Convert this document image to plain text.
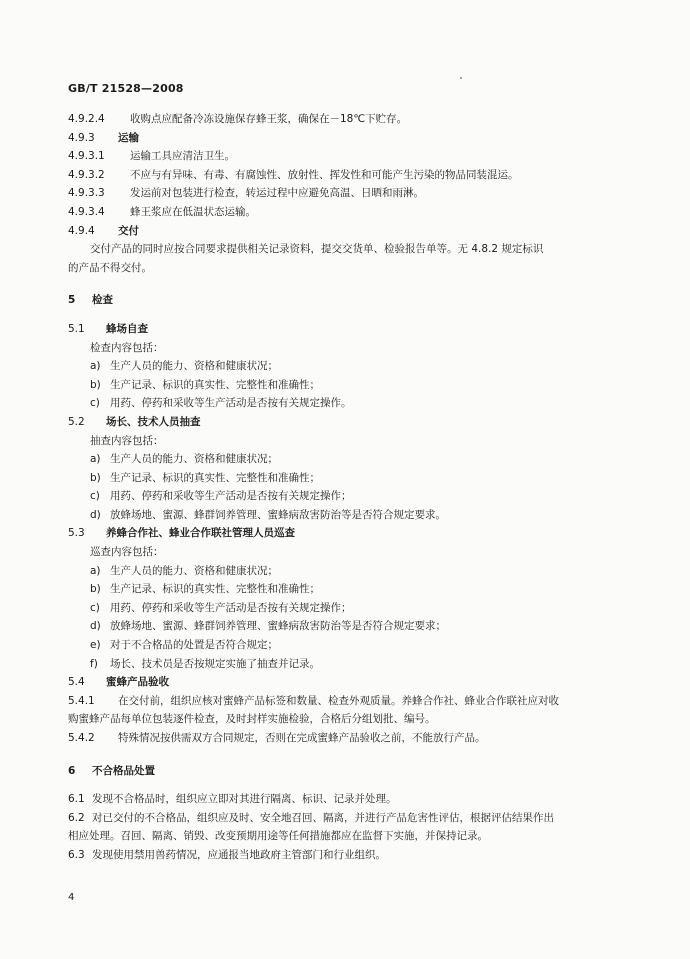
GB/T 21528—2008
4.9.2.4 收购点应配备冷冻设施保存蜂王浆，确保在－18℃下贮存。
4.9.3 运输
4.9.3.1 运输工具应清洁卫生。
4.9.3.2 不应与有异味、有毒、有腐蚀性、放射性、挥发性和可能产生污染的物品同装混运。
4.9.3.3 发运前对包装进行检查，转运过程中应避免高温、日晒和雨淋。
4.9.3.4 蜂王浆应在低温状态运输。
4.9.4 交付
交付产品的同时应按合同要求提供相关记录资料，提交交货单、检验报告单等。无 4.8.2 规定标识
的产品不得交付。
5 检查
5.1 蜂场自查
检查内容包括：
a) 生产人员的能力、资格和健康状况；
b) 生产记录、标识的真实性、完整性和准确性；
c) 用药、停药和采收等生产活动是否按有关规定操作。
5.2 场长、技术人员抽查
抽查内容包括：
a) 生产人员的能力、资格和健康状况；
b) 生产记录、标识的真实性、完整性和准确性；
c) 用药、停药和采收等生产活动是否按有关规定操作；
d) 放蜂场地、蜜源、蜂群饲养管理、蜜蜂病敌害防治等是否符合规定要求。
5.3 养蜂合作社、蜂业合作联社管理人员巡查
巡查内容包括：
a) 生产人员的能力、资格和健康状况；
b) 生产记录、标识的真实性、完整性和准确性；
c) 用药、停药和采收等生产活动是否按有关规定操作；
d) 放蜂场地、蜜源、蜂群饲养管理、蜜蜂病敌害防治等是否符合规定要求；
e) 对于不合格品的处置是否符合规定；
f) 场长、技术员是否按规定实施了抽查并记录。
5.4 蜜蜂产品验收
5.4.1 在交付前，组织应核对蜜蜂产品标签和数量、检查外观质量。养蜂合作社、蜂业合作联社应对收
购蜜蜂产品每单位包装逐件检查，及时封样实施检验，合格后分组划批、编号。
5.4.2 特殊情况按供需双方合同规定，否则在完成蜜蜂产品验收之前，不能放行产品。
6 不合格品处置
6.1 发现不合格品时，组织应立即对其进行隔离、标识、记录并处理。
6.2 对已交付的不合格品，组织应及时、安全地召回、隔离，并进行产品危害性评估，根据评估结果作出
相应处理。召回、隔离、销毁、改变预期用途等任何措施都应在监督下实施，并保持记录。
6.3 发现使用禁用兽药情况，应通报当地政府主管部门和行业组织。
4
